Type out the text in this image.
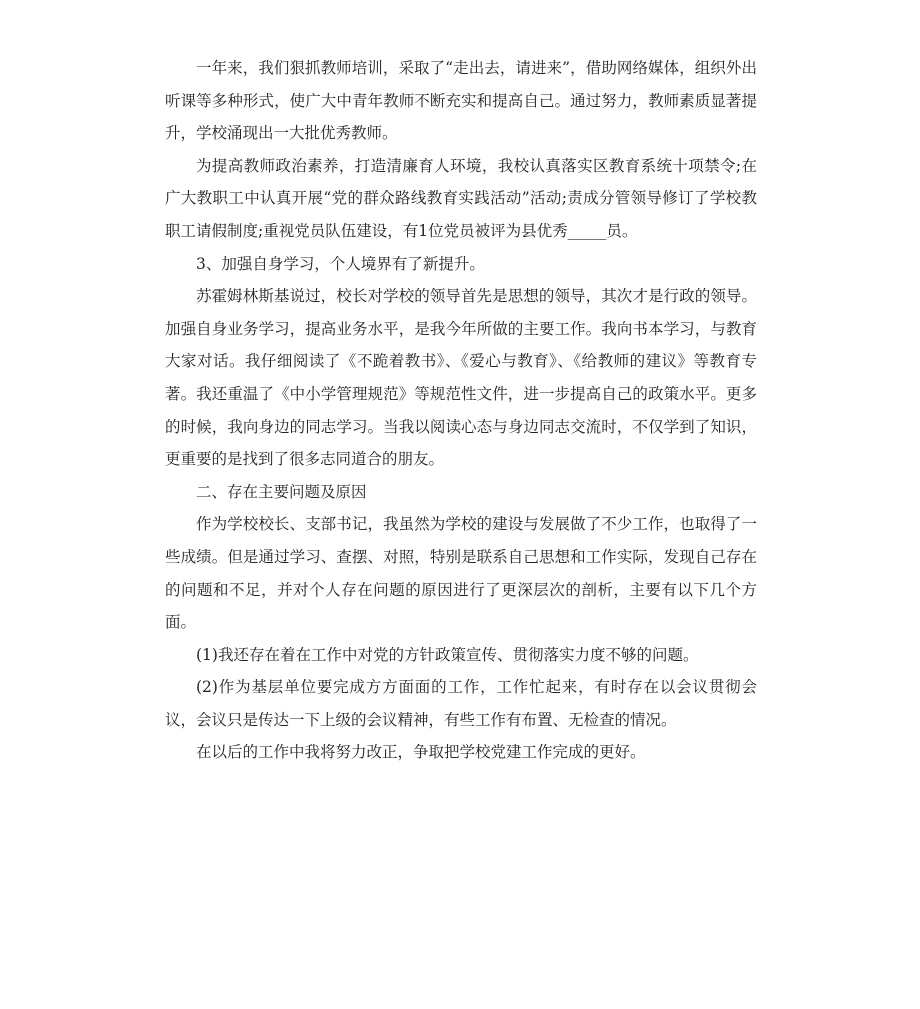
一年来，我们狠抓教师培训，采取了“走出去，请进来”，借助网络媒体，组织外出听课等多种形式，使广大中青年教师不断充实和提高自己。通过努力，教师素质显著提升，学校涌现出一大批优秀教师。

为提高教师政治素养，打造清廉育人环境，我校认真落实区教育系统十项禁令;在广大教职工中认真开展“党的群众路线教育实践活动”活动;责成分管领导修订了学校教职工请假制度;重视党员队伍建设，有1位党员被评为县优秀_____员。

3、加强自身学习，个人境界有了新提升。

苏霍姆林斯基说过，校长对学校的领导首先是思想的领导，其次才是行政的领导。加强自身业务学习，提高业务水平，是我今年所做的主要工作。我向书本学习，与教育大家对话。我仔细阅读了《不跪着教书》、《爱心与教育》、《给教师的建议》等教育专著。我还重温了《中小学管理规范》等规范性文件，进一步提高自己的政策水平。更多的时候，我向身边的同志学习。当我以阅读心态与身边同志交流时，不仅学到了知识，更重要的是找到了很多志同道合的朋友。

二、存在主要问题及原因

作为学校校长、支部书记，我虽然为学校的建设与发展做了不少工作，也取得了一些成绩。但是通过学习、查摆、对照，特别是联系自己思想和工作实际，发现自己存在的问题和不足，并对个人存在问题的原因进行了更深层次的剖析，主要有以下几个方面。

(1)我还存在着在工作中对党的方针政策宣传、贯彻落实力度不够的问题。

(2)作为基层单位要完成方方面面的工作，工作忙起来，有时存在以会议贯彻会议，会议只是传达一下上级的会议精神，有些工作有布置、无检查的情况。

在以后的工作中我将努力改正，争取把学校党建工作完成的更好。
